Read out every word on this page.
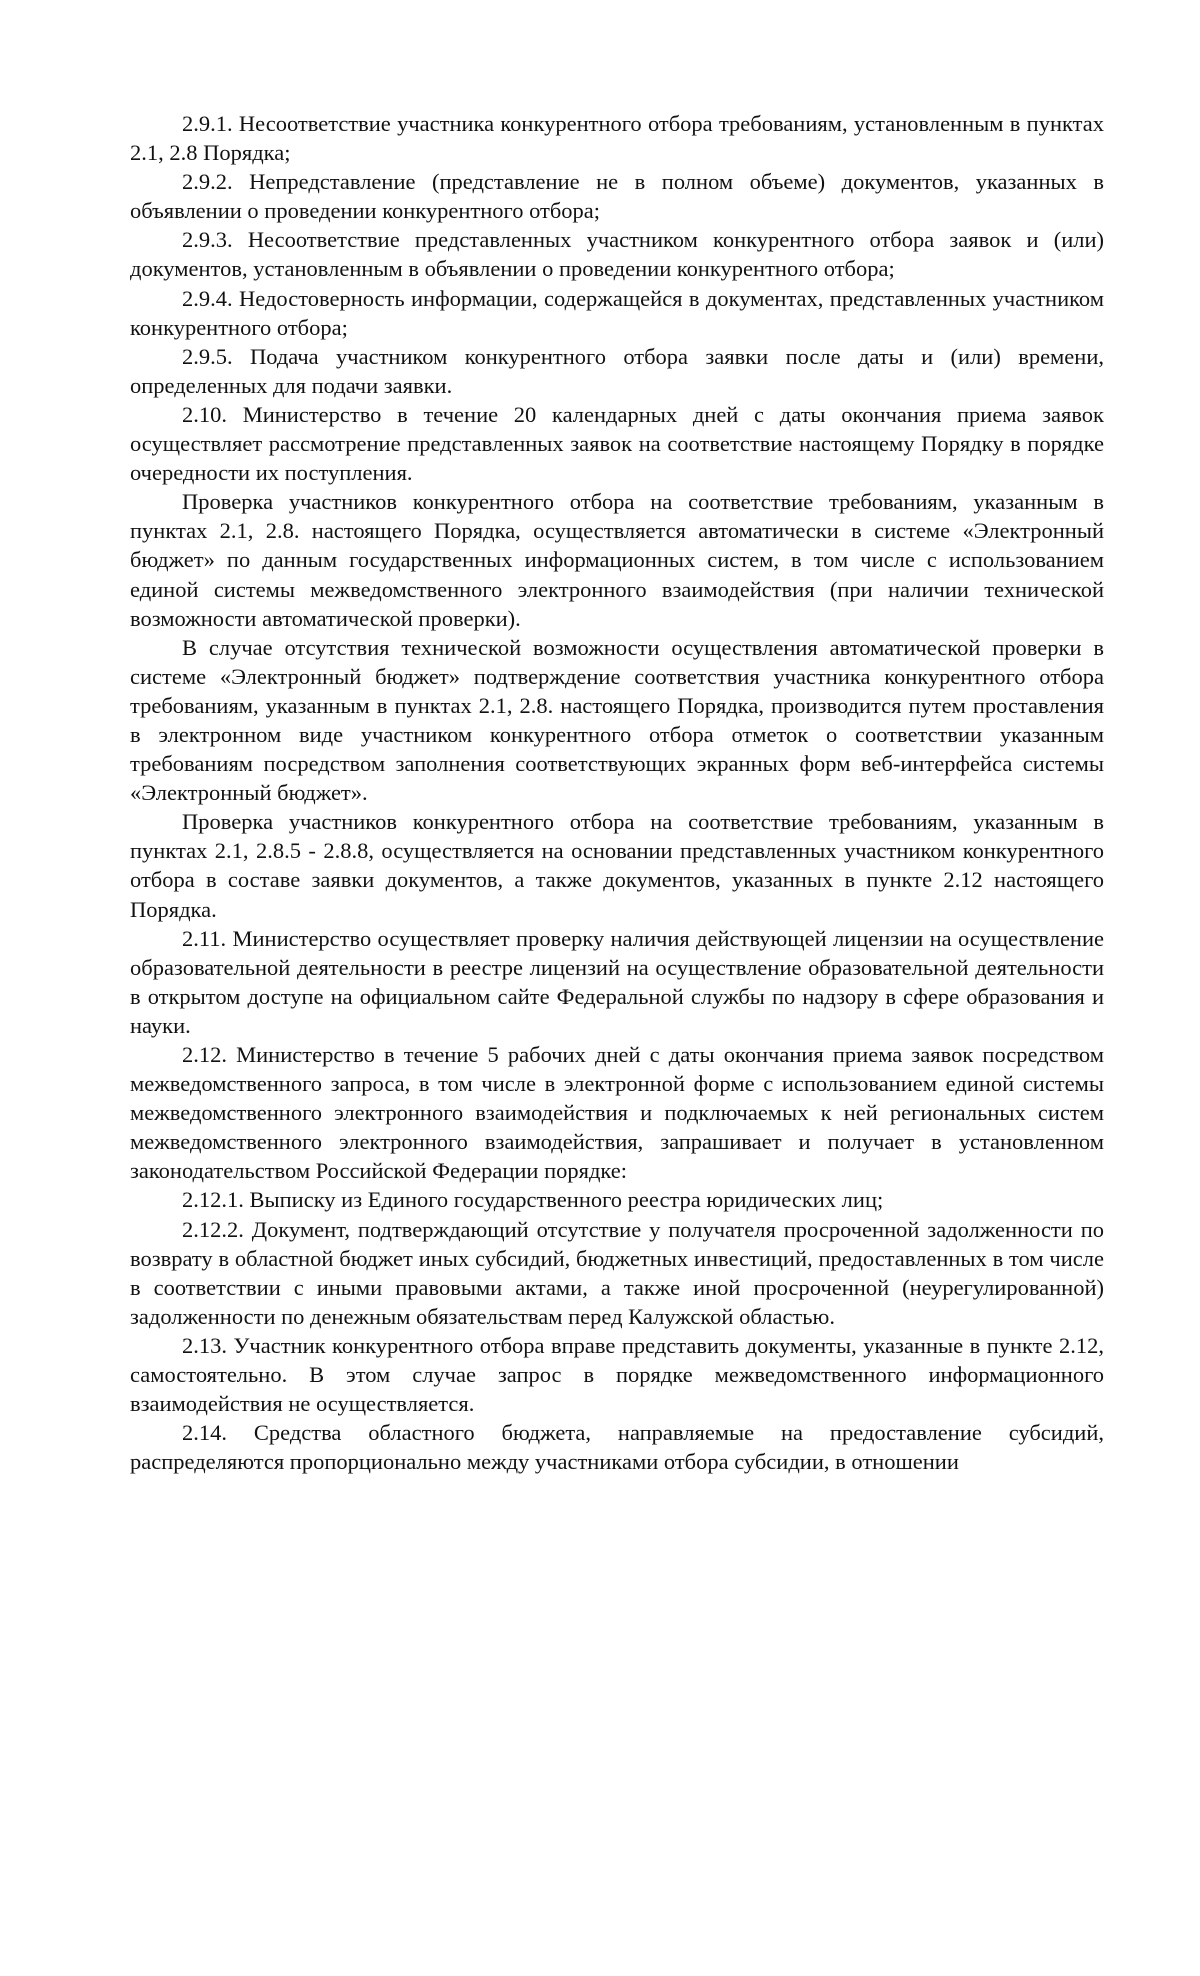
2.9.1. Несоответствие участника конкурентного отбора требованиям, установленным в пунктах 2.1, 2.8 Порядка;

2.9.2. Непредставление (представление не в полном объеме) документов, указанных в объявлении о проведении конкурентного отбора;

2.9.3. Несоответствие представленных участником конкурентного отбора заявок и (или) документов, установленным в объявлении о проведении конкурентного отбора;

2.9.4. Недостоверность информации, содержащейся в документах, представленных участником конкурентного отбора;

2.9.5. Подача участником конкурентного отбора заявки после даты и (или) времени, определенных для подачи заявки.

2.10. Министерство в течение 20 календарных дней с даты окончания приема заявок осуществляет рассмотрение представленных заявок на соответствие настоящему Порядку в порядке очередности их поступления.

Проверка участников конкурентного отбора на соответствие требованиям, указанным в пунктах 2.1, 2.8. настоящего Порядка, осуществляется автоматически в системе «Электронный бюджет» по данным государственных информационных систем, в том числе с использованием единой системы межведомственного электронного взаимодействия (при наличии технической возможности автоматической проверки).

В случае отсутствия технической возможности осуществления автоматической проверки в системе «Электронный бюджет» подтверждение соответствия участника конкурентного отбора требованиям, указанным в пунктах 2.1, 2.8. настоящего Порядка, производится путем проставления в электронном виде участником конкурентного отбора отметок о соответствии указанным требованиям посредством заполнения соответствующих экранных форм веб-интерфейса системы «Электронный бюджет».

Проверка участников конкурентного отбора на соответствие требованиям, указанным в пунктах 2.1, 2.8.5 - 2.8.8, осуществляется на основании представленных участником конкурентного отбора в составе заявки документов, а также документов, указанных в пункте 2.12 настоящего Порядка.

2.11. Министерство осуществляет проверку наличия действующей лицензии на осуществление образовательной деятельности в реестре лицензий на осуществление образовательной деятельности в открытом доступе на официальном сайте Федеральной службы по надзору в сфере образования и науки.

2.12. Министерство в течение 5 рабочих дней с даты окончания приема заявок посредством межведомственного запроса, в том числе в электронной форме с использованием единой системы межведомственного электронного взаимодействия и подключаемых к ней региональных систем межведомственного электронного взаимодействия, запрашивает и получает в установленном законодательством Российской Федерации порядке:

2.12.1. Выписку из Единого государственного реестра юридических лиц;

2.12.2. Документ, подтверждающий отсутствие у получателя просроченной задолженности по возврату в областной бюджет иных субсидий, бюджетных инвестиций, предоставленных в том числе в соответствии с иными правовыми актами, а также иной просроченной (неурегулированной) задолженности по денежным обязательствам перед Калужской областью.

2.13. Участник конкурентного отбора вправе представить документы, указанные в пункте 2.12, самостоятельно. В этом случае запрос в порядке межведомственного информационного взаимодействия не осуществляется.

2.14. Средства областного бюджета, направляемые на предоставление субсидий, распределяются пропорционально между участниками отбора субсидии, в отношении
